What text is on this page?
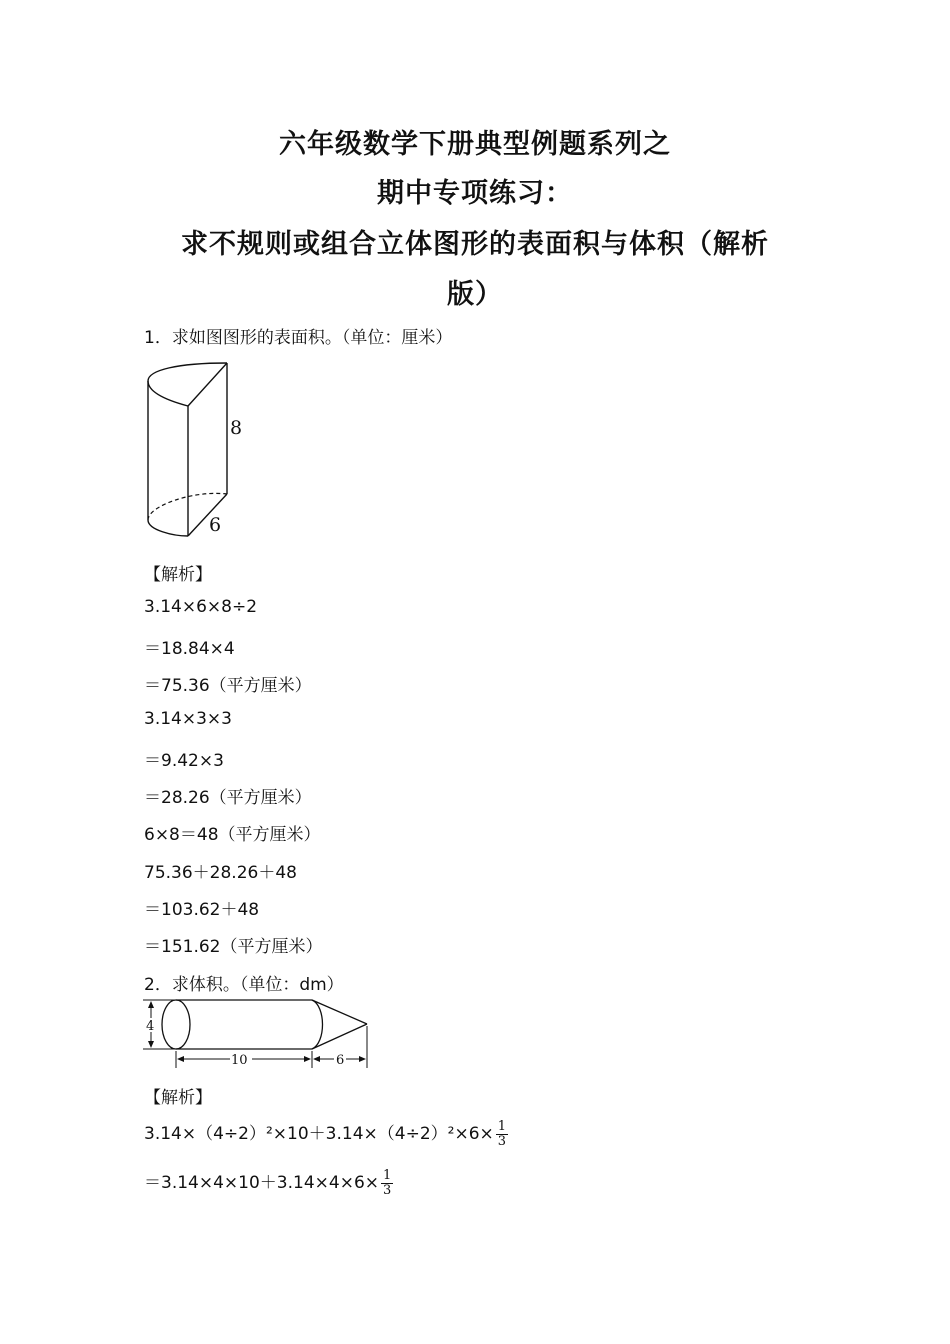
六年级数学下册典型例题系列之
期中专项练习：
求不规则或组合立体图形的表面积与体积（解析
版）
1．求如图图形的表面积。（单位：厘米）
8
6
【解析】
3.14×6×8÷2
＝18.84×4
＝75.36（平方厘米）
3.14×3×3
＝9.42×3
＝28.26（平方厘米）
6×8＝48（平方厘米）
75.36＋28.26＋48
＝103.62＋48
＝151.62（平方厘米）
2．求体积。（单位：dm）
4
10	6
【解析】
$3.14\times(4\div 2)^2\times 10+3.14\times(4\div 2)^2\times 6\times \frac{1}{3}$
$=3.14\times 4\times 10+3.14\times 4\times 6\times \frac{1}{3}$
